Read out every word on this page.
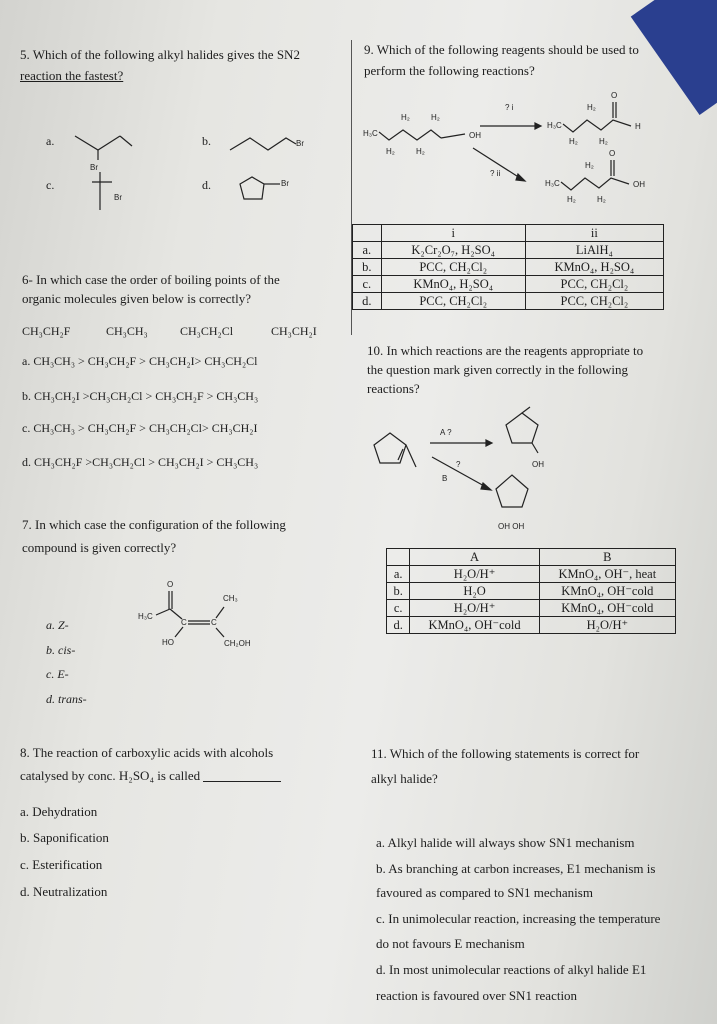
5. Which of the following alkyl halides gives the SN2
reaction the fastest?
a.	b.
c.	d.
Br
Br
Br
Br
6- In which case the order of boiling points of the
organic molecules given below is correctly?
CH₃CH₂F	CH₃CH₃	CH₃CH₂Cl	CH₃CH₂I
a. CH₃CH₃ > CH₃CH₂F > CH₃CH₂I> CH₃CH₂Cl
b. CH₃CH₂I >CH₃CH₂Cl > CH₃CH₂F > CH₃CH₃
c. CH₃CH₃ > CH₃CH₂F > CH₃CH₂Cl> CH₃CH₂I
d. CH₃CH₂F >CH₃CH₂Cl > CH₃CH₂I > CH₃CH₃
7. In which case the configuration of the following
compound is given correctly?
O
H₃C
C	C
HO
CH₃
CH₂OH
a. Z-
b. cis-
c. E-
d. trans-
8. The reaction of carboxylic acids with alcohols
catalysed by conc. H₂SO₄ is called
a. Dehydration
b. Saponification
c. Esterification
d. Neutralization
9. Which of the following reagents should be used to
perform the following reactions?
H₃C
H₂	H₂
H₂	H₂
OH
? i
? ii
H₃C
H₂
H₂	H₂
O
H
H₃C
H₂
H₂	H₂
O
OH
	i	ii
a.	K₂Cr₂O₇, H₂SO₄	LiAlH₄
b.	PCC, CH₂Cl₂	KMnO₄, H₂SO₄
c.	KMnO₄, H₂SO₄	PCC, CH₂Cl₂
d.	PCC, CH₂Cl₂	PCC, CH₂Cl₂
10. In which reactions are the reagents appropriate to
the question mark given correctly in the following
reactions?
A ?
?
B
OH
OH OH
	A	B
a.	H₂O/H⁺	KMnO₄, OH⁻, heat
b.	H₂O	KMnO₄, OH⁻cold
c.	H₂O/H⁺	KMnO₄, OH⁻cold
d.	KMnO₄, OH⁻cold	H₂O/H⁺
11. Which of the following statements is correct for
alkyl halide?
a. Alkyl halide will always show SN1 mechanism
b. As branching at carbon increases, E1 mechanism is
favoured as compared to SN1 mechanism
c. In unimolecular reaction, increasing the temperature
do not favours E mechanism
d. In most unimolecular reactions of alkyl halide E1
reaction is favoured over SN1 reaction
